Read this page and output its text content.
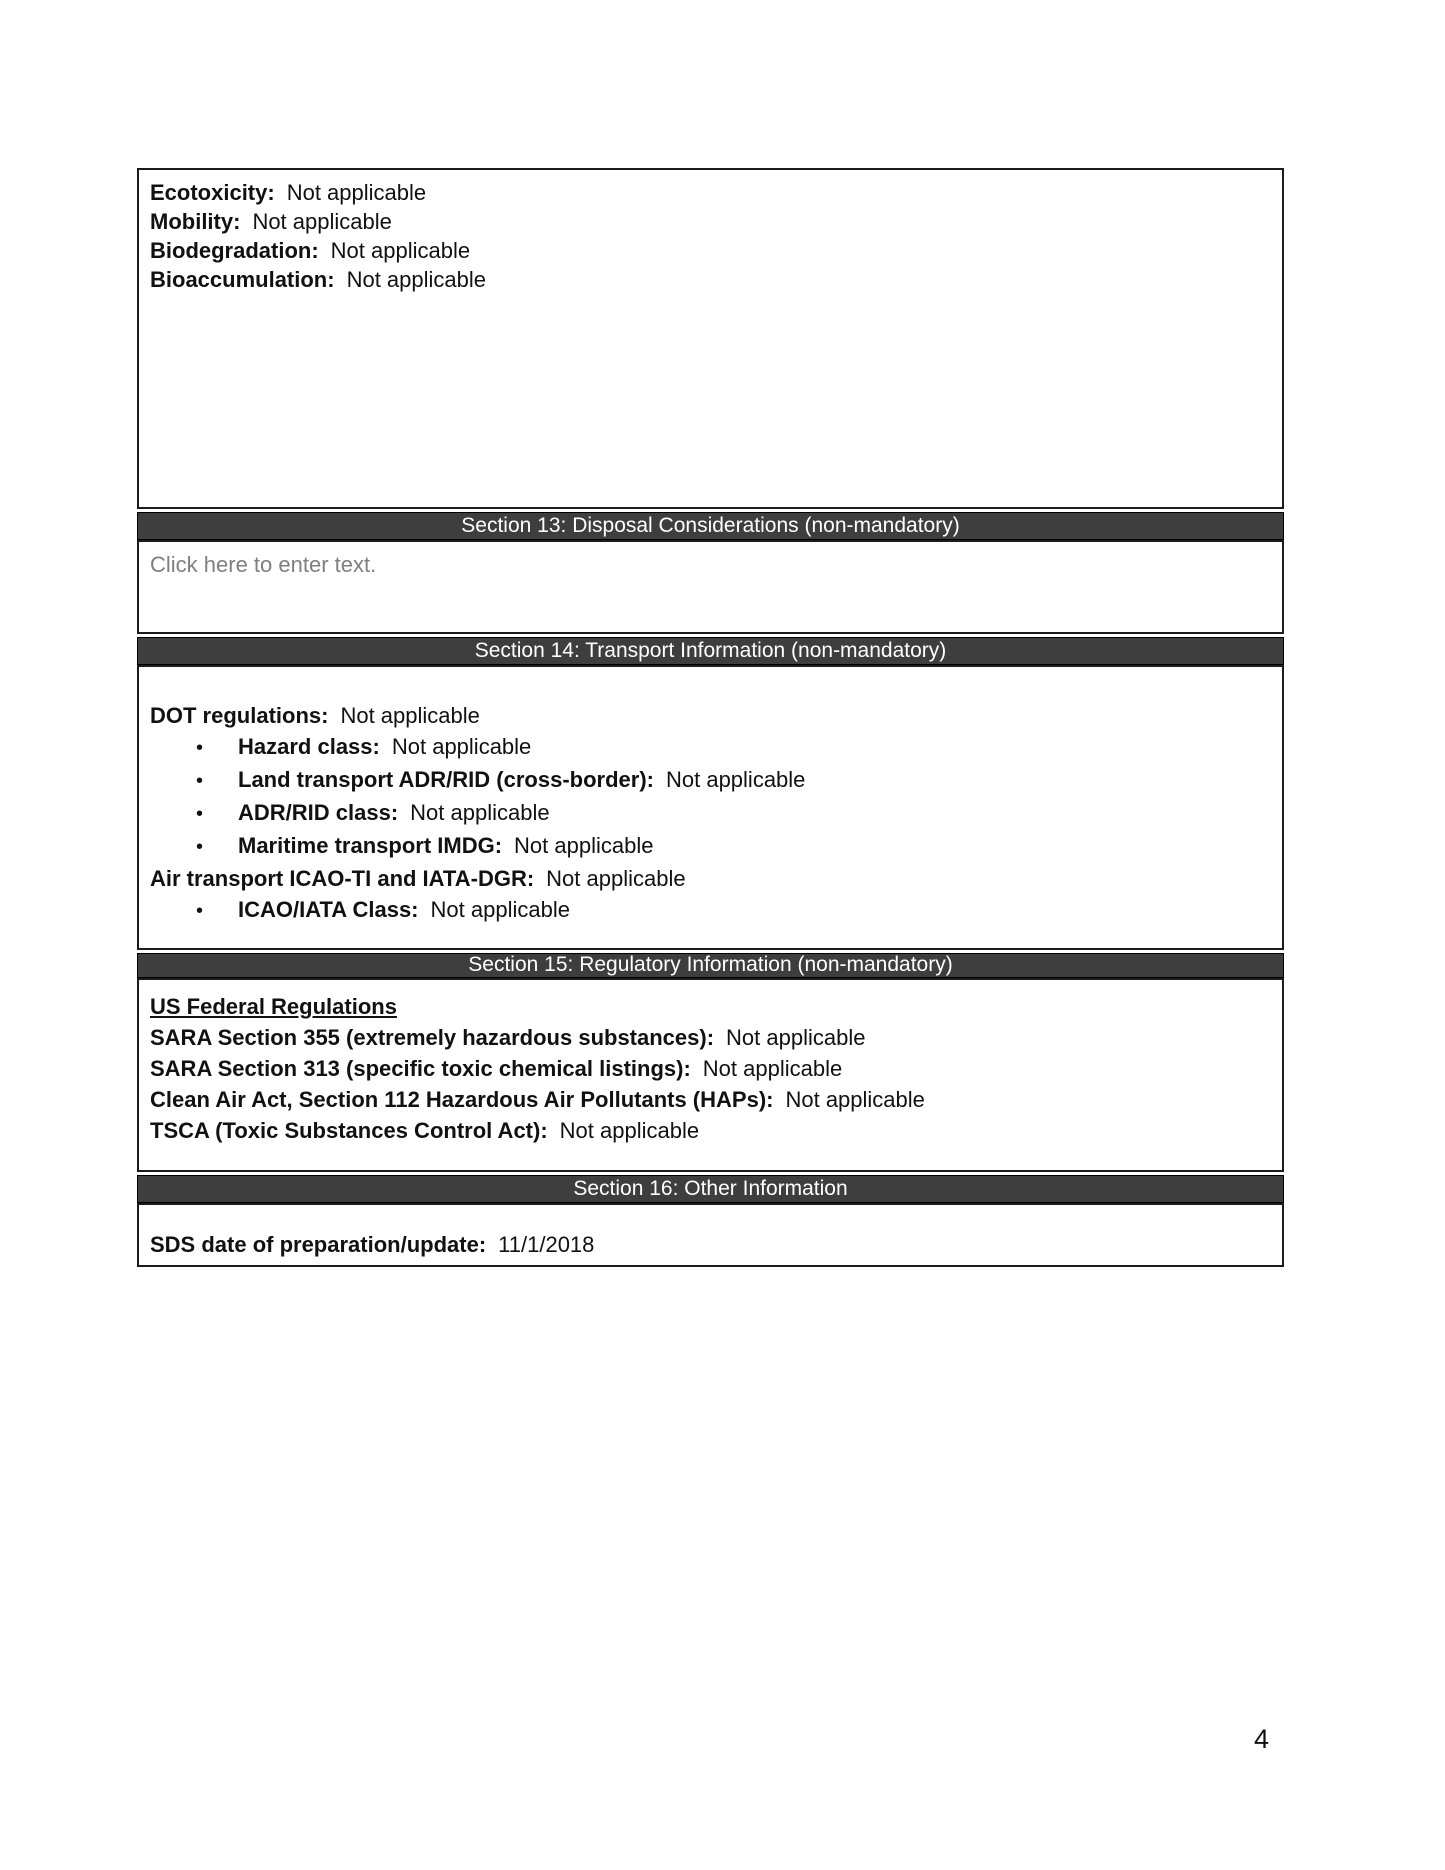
Ecotoxicity: Not applicable
Mobility: Not applicable
Biodegradation: Not applicable
Bioaccumulation: Not applicable
Section 13: Disposal Considerations (non-mandatory)
Click here to enter text.
Section 14: Transport Information (non-mandatory)
DOT regulations: Not applicable
• Hazard class: Not applicable
• Land transport ADR/RID (cross-border): Not applicable
• ADR/RID class: Not applicable
• Maritime transport IMDG: Not applicable
Air transport ICAO-TI and IATA-DGR: Not applicable
• ICAO/IATA Class: Not applicable
Section 15: Regulatory Information (non-mandatory)
US Federal Regulations
SARA Section 355 (extremely hazardous substances): Not applicable
SARA Section 313 (specific toxic chemical listings): Not applicable
Clean Air Act, Section 112 Hazardous Air Pollutants (HAPs): Not applicable
TSCA (Toxic Substances Control Act): Not applicable
Section 16: Other Information
SDS date of preparation/update: 11/1/2018
4
